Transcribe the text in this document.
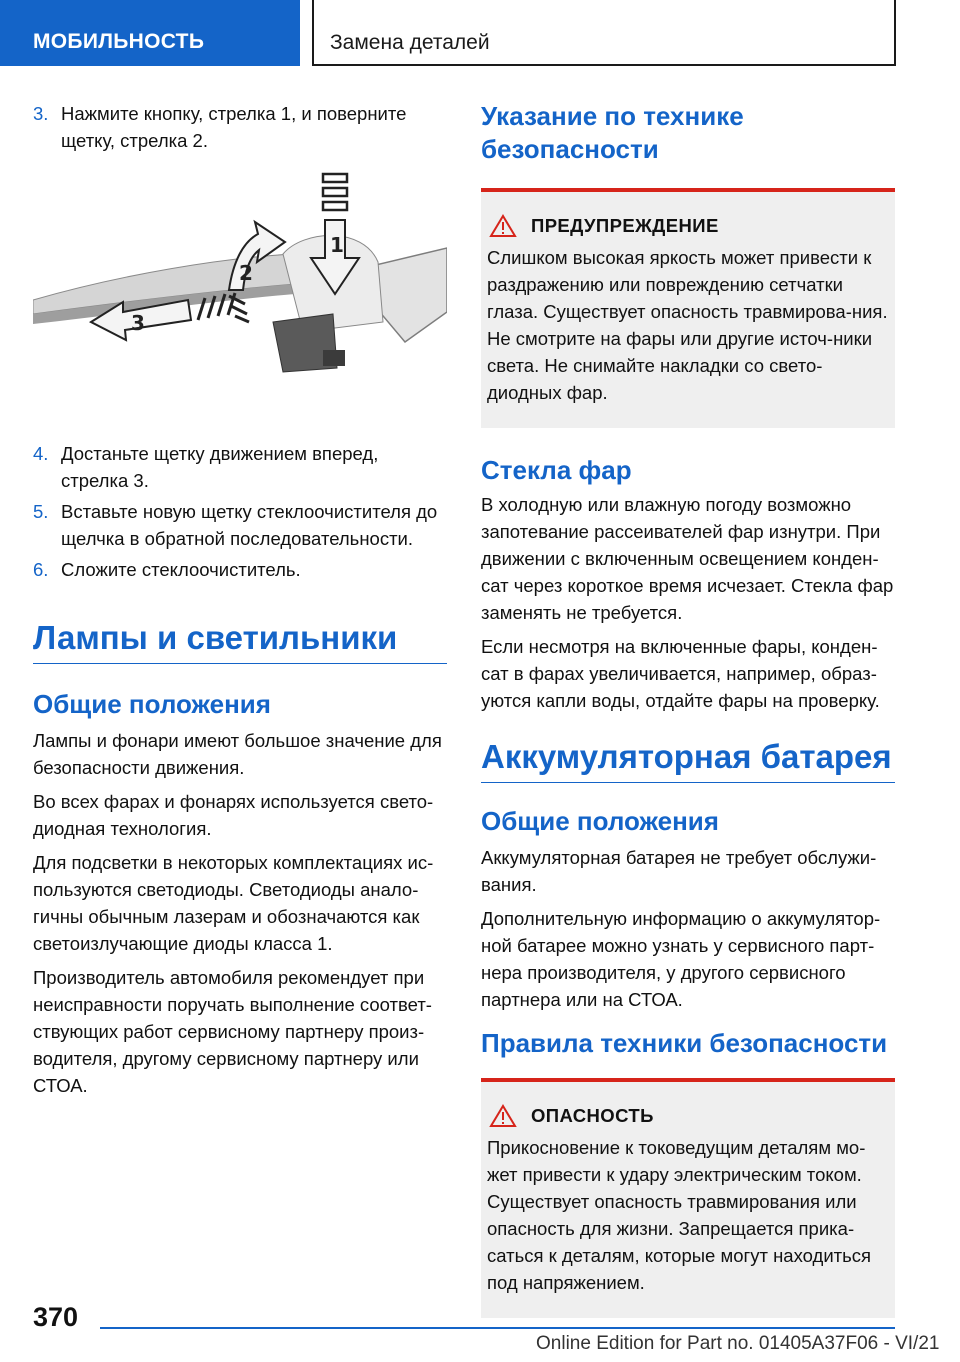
МОБИЛЬНОСТЬ	Замена деталей
3. Нажмите кнопку, стрелка 1, и поверните щетку, стрелка 2.
3
2
1
4. Достаньте щетку движением вперед, стрелка 3.
5. Вставьте новую щетку стеклоочистителя до щелчка в обратной последовательности.
6. Сложите стеклоочиститель.
Лампы и светильники
Общие положения

Лампы и фонари имеют большое значение для безопасности движения.

Во всех фарах и фонарях используется свето-диодная технология.

Для подсветки в некоторых комплектациях ис-пользуются светодиоды. Светодиоды анало-гичны обычным лазерам и обозначаются как светоизлучающие диоды класса 1.

Производитель автомобиля рекомендует при неисправности поручать выполнение соответ-ствующих работ сервисному партнеру произ-водителя, другому сервисному партнеру или СТОА.

Указание по технике безопасности
ПРЕДУПРЕЖДЕНИЕ

Слишком высокая яркость может привести к раздражению или повреждению сетчатки глаза. Существует опасность травмирова-ния. Не смотрите на фары или другие источ-ники света. Не снимайте накладки со свето-диодных фар.

Стекла фар

В холодную или влажную погоду возможно запотевание рассеивателей фар изнутри. При движении с включенным освещением конден-сат через короткое время исчезает. Стекла фар заменять не требуется.

Если несмотря на включенные фары, конден-сат в фарах увеличивается, например, образ-уются капли воды, отдайте фары на проверку.

Аккумуляторная батарея
Общие положения

Аккумуляторная батарея не требует обслужи-вания.

Дополнительную информацию о аккумулятор-ной батарее можно узнать у сервисного парт-нера производителя, у другого сервисного партнера или на СТОА.

Правила техники безопасности
ОПАСНОСТЬ

Прикосновение к токоведущим деталям мо-жет привести к удару электрическим током. Существует опасность травмирования или опасность для жизни. Запрещается прика-саться к деталям, которые могут находиться под напряжением.

370
Online Edition for Part no. 01405A37F06 - VI/21
